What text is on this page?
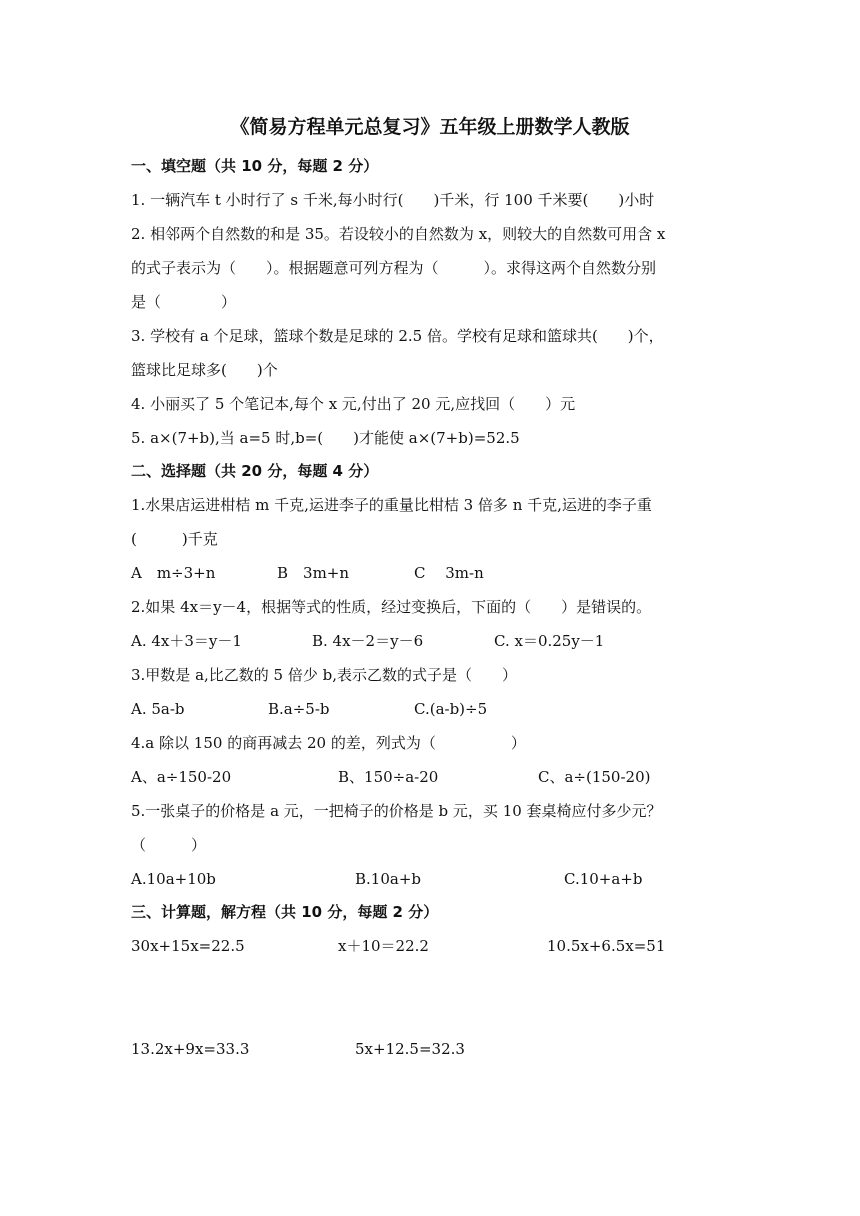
《简易方程单元总复习》五年级上册数学人教版
一、填空题（共 10 分，每题 2 分）
1. 一辆汽车 t 小时行了 s 千米,每小时行(　　)千米，行 100 千米要(　　)小时
2. 相邻两个自然数的和是 35。若设较小的自然数为 x，则较大的自然数可用含 x
的式子表示为（　　）。根据题意可列方程为（　　　）。求得这两个自然数分别
是（　　　　）
3. 学校有 a 个足球，篮球个数是足球的 2.5 倍。学校有足球和篮球共(　　)个，
篮球比足球多(　　)个
4. 小丽买了 5 个笔记本,每个 x 元,付出了 20 元,应找回（　　）元
5. a×(7+b),当 a=5 时,b=(　　)才能使 a×(7+b)=52.5
二、选择题（共 20 分，每题 4 分）
1.水果店运进柑桔 m 千克,运进李子的重量比柑桔 3 倍多 n 千克,运进的李子重
(　　　)千克
A　m÷3+n	B　3m+n	C　 3m-n
2.如果 4x＝y－4，根据等式的性质，经过变换后，下面的（　　）是错误的。
A. 4x＋3＝y－1	B. 4x－2＝y－6	C. x＝0.25y－1
3.甲数是 a,比乙数的 5 倍少 b,表示乙数的式子是（　　）
A. 5a-b	B.a÷5-b	C.(a-b)÷5
4.a 除以 150 的商再减去 20 的差，列式为（　　　　　）
A、a÷150-20	B、150÷a-20	C、a÷(150-20)
5.一张桌子的价格是 a 元，一把椅子的价格是 b 元，买 10 套桌椅应付多少元？
（　　　）
A.10a+10b	B.10a+b	C.10+a+b
三、计算题，解方程（共 10 分，每题 2 分）
30x+15x=22.5	x＋10＝22.2	10.5x+6.5x=51
13.2x+9x=33.3	5x+12.5=32.3
